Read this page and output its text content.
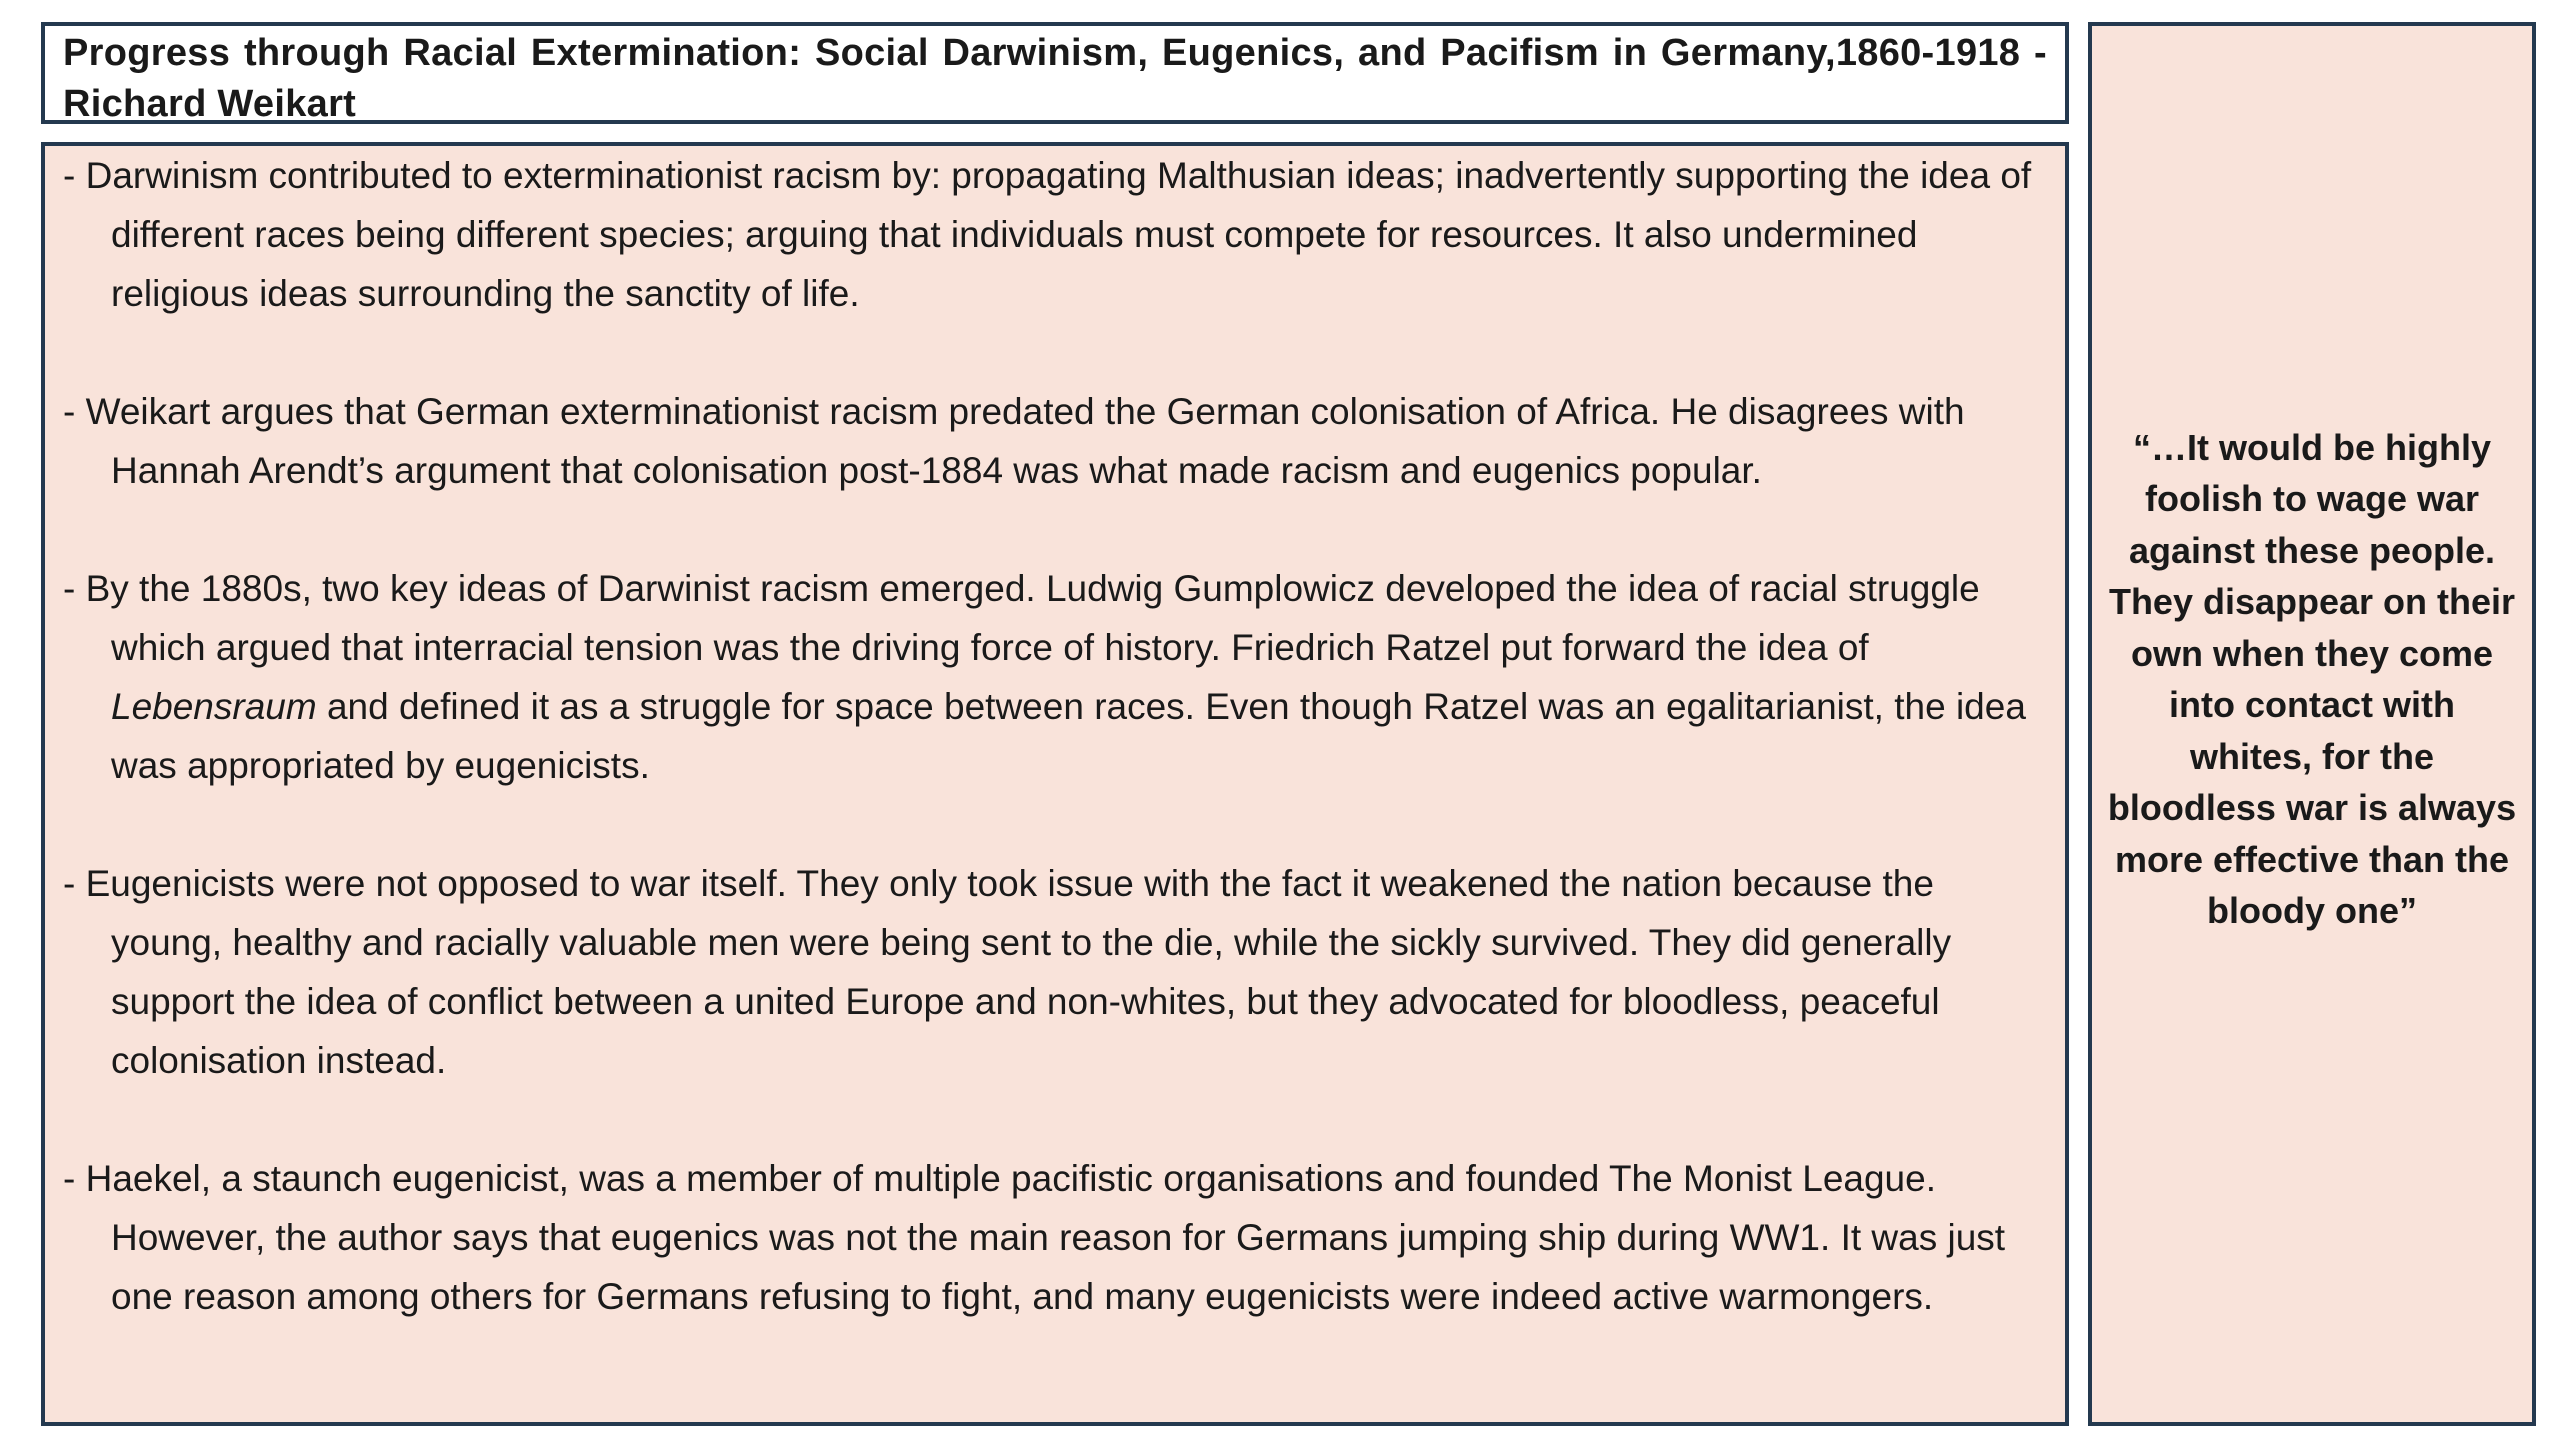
Progress through Racial Extermination: Social Darwinism, Eugenics, and Pacifism in Germany,1860-1918 - Richard Weikart

- Darwinism contributed to exterminationist racism by: propagating Malthusian ideas; inadvertently supporting the idea of different races being different species; arguing that individuals must compete for resources. It also undermined religious ideas surrounding the sanctity of life.

- Weikart argues that German exterminationist racism predated the German colonisation of Africa. He disagrees with Hannah Arendt’s argument that colonisation post-1884 was what made racism and eugenics popular.

- By the 1880s, two key ideas of Darwinist racism emerged. Ludwig Gumplowicz developed the idea of racial struggle which argued that interracial tension was the driving force of history. Friedrich Ratzel put forward the idea of Lebensraum and defined it as a struggle for space between races. Even though Ratzel was an egalitarianist, the idea was appropriated by eugenicists.

- Eugenicists were not opposed to war itself. They only took issue with the fact it weakened the nation because the young, healthy and racially valuable men were being sent to the die, while the sickly survived. They did generally support the idea of conflict between a united Europe and non-whites, but they advocated for bloodless, peaceful colonisation instead.

- Haekel, a staunch eugenicist, was a member of multiple pacifistic organisations and founded The Monist League. However, the author says that eugenics was not the main reason for Germans jumping ship during WW1. It was just one reason among others for Germans refusing to fight, and many eugenicists were indeed active warmongers.

“…It would be highly foolish to wage war against these people. They disappear on their own when they come into contact with whites, for the bloodless war is always more effective than the bloody one”
